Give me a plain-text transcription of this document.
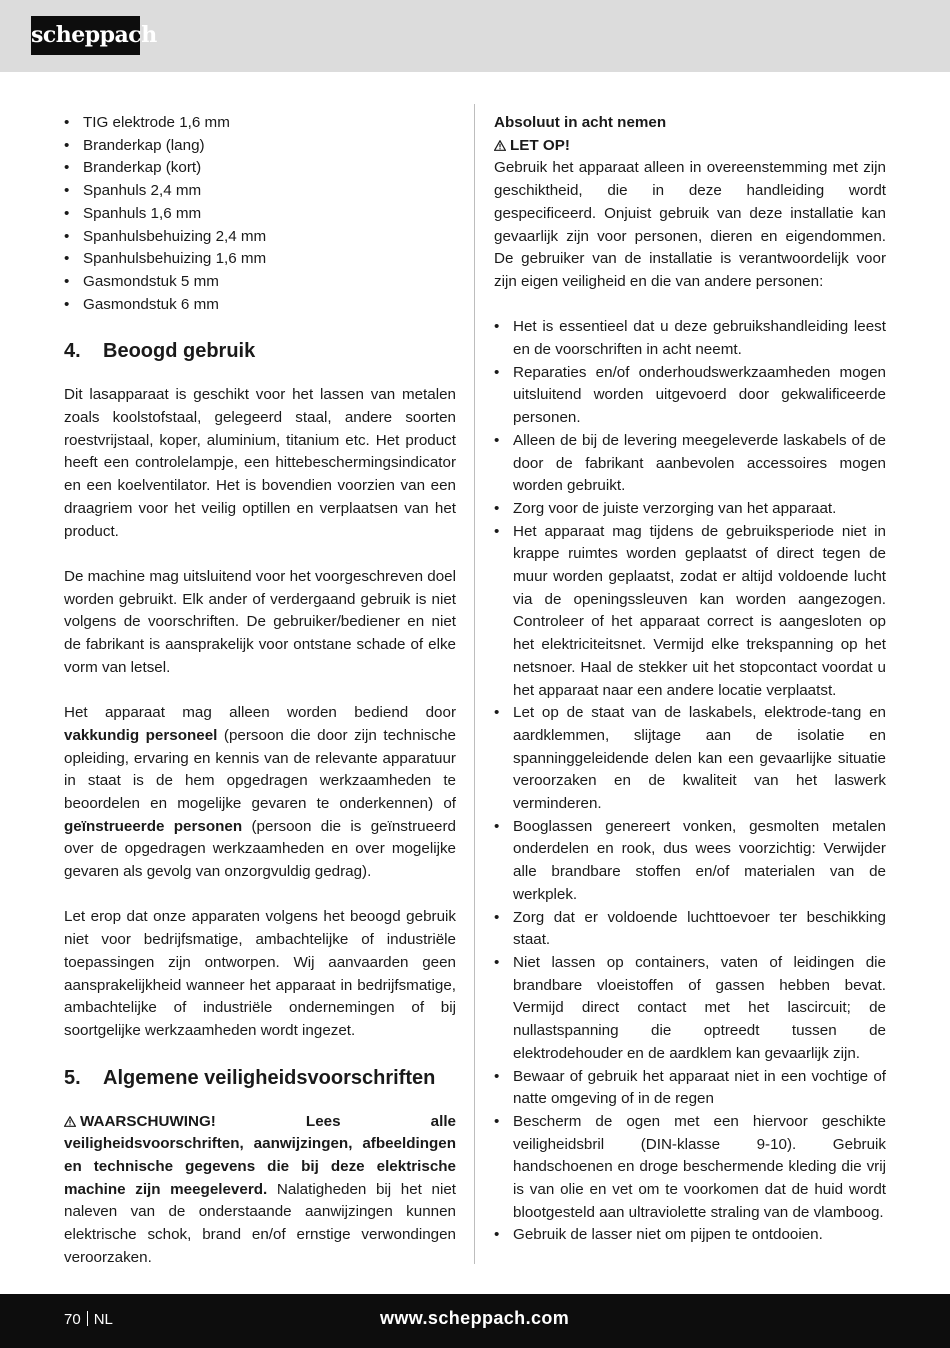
scheppach
• TIG elektrode 1,6 mm
• Branderkap (lang)
• Branderkap (kort)
• Spanhuls 2,4 mm
• Spanhuls 1,6 mm
• Spanhulsbehuizing 2,4 mm
• Spanhulsbehuizing 1,6 mm
• Gasmondstuk 5 mm
• Gasmondstuk 6 mm
4. Beoogd gebruik

Dit lasapparaat is geschikt voor het lassen van metalen zoals koolstofstaal, gelegeerd staal, andere soorten roestvrijstaal, koper, aluminium, titanium etc. Het product heeft een controlelampje, een hittebeschermingsindicator en een koelventilator. Het is bovendien voorzien van een draagriem voor het veilig optillen en verplaatsen van het product.

De machine mag uitsluitend voor het voorgeschreven doel worden gebruikt. Elk ander of verdergaand gebruik is niet volgens de voorschriften. De gebruiker/bediener en niet de fabrikant is aansprakelijk voor ontstane schade of elke vorm van letsel.

Het apparaat mag alleen worden bediend door vakkundig personeel (persoon die door zijn technische opleiding, ervaring en kennis van de relevante apparatuur in staat is de hem opgedragen werkzaamheden te beoordelen en mogelijke gevaren te onderkennen) of geïnstrueerde personen (persoon die is geïnstrueerd over de opgedragen werkzaamheden en over mogelijke gevaren als gevolg van onzorgvuldig gedrag).

Let erop dat onze apparaten volgens het beoogd gebruik niet voor bedrijfsmatige, ambachtelijke of industriële toepassingen zijn ontworpen. Wij aanvaarden geen aansprakelijkheid wanneer het apparaat in bedrijfsmatige, ambachtelijke of industriële ondernemingen of bij soortgelijke werkzaamheden wordt ingezet.

5. Algemene veiligheidsvoorschriften

WAARSCHUWING! Lees alle veiligheidsvoorschriften, aanwijzingen, afbeeldingen en technische gegevens die bij deze elektrische machine zijn meegeleverd. Nalatigheden bij het niet naleven van de onderstaande aanwijzingen kunnen elektrische schok, brand en/of ernstige verwondingen veroorzaken.

Absoluut in acht nemen

LET OP!

Gebruik het apparaat alleen in overeenstemming met zijn geschiktheid, die in deze handleiding wordt gespecificeerd. Onjuist gebruik van deze installatie kan gevaarlijk zijn voor personen, dieren en eigendommen. De gebruiker van de installatie is verantwoordelijk voor zijn eigen veiligheid en die van andere personen:

• Het is essentieel dat u deze gebruikshandleiding leest en de voorschriften in acht neemt.
• Reparaties en/of onderhoudswerkzaamheden mogen uitsluitend worden uitgevoerd door gekwalificeerde personen.
• Alleen de bij de levering meegeleverde laskabels of de door de fabrikant aanbevolen accessoires mogen worden gebruikt.
• Zorg voor de juiste verzorging van het apparaat.
• Het apparaat mag tijdens de gebruiksperiode niet in krappe ruimtes worden geplaatst of direct tegen de muur worden geplaatst, zodat er altijd voldoende lucht via de openingssleuven kan worden aangezogen. Controleer of het apparaat correct is aangesloten op het elektriciteitsnet. Vermijd elke trekspanning op het netsnoer. Haal de stekker uit het stopcontact voordat u het apparaat naar een andere locatie verplaatst.
• Let op de staat van de laskabels, elektrode-tang en aardklemmen, slijtage aan de isolatie en spanninggeleidende delen kan een gevaarlijke situatie veroorzaken en de kwaliteit van het laswerk verminderen.
• Booglassen genereert vonken, gesmolten metalen onderdelen en rook, dus wees voorzichtig: Verwijder alle brandbare stoffen en/of materialen van de werkplek.
• Zorg dat er voldoende luchttoevoer ter beschikking staat.
• Niet lassen op containers, vaten of leidingen die brandbare vloeistoffen of gassen hebben bevat. Vermijd direct contact met het lascircuit; de nullastspanning die optreedt tussen de elektrodehouder en de aardklem kan gevaarlijk zijn.
• Bewaar of gebruik het apparaat niet in een vochtige of natte omgeving of in de regen
• Bescherm de ogen met een hiervoor geschikte veiligheidsbril (DIN-klasse 9-10). Gebruik handschoenen en droge beschermende kleding die vrij is van olie en vet om te voorkomen dat de huid wordt blootgesteld aan ultraviolette straling van de vlamboog.
• Gebruik de lasser niet om pijpen te ontdooien.
70 NL	www.scheppach.com
